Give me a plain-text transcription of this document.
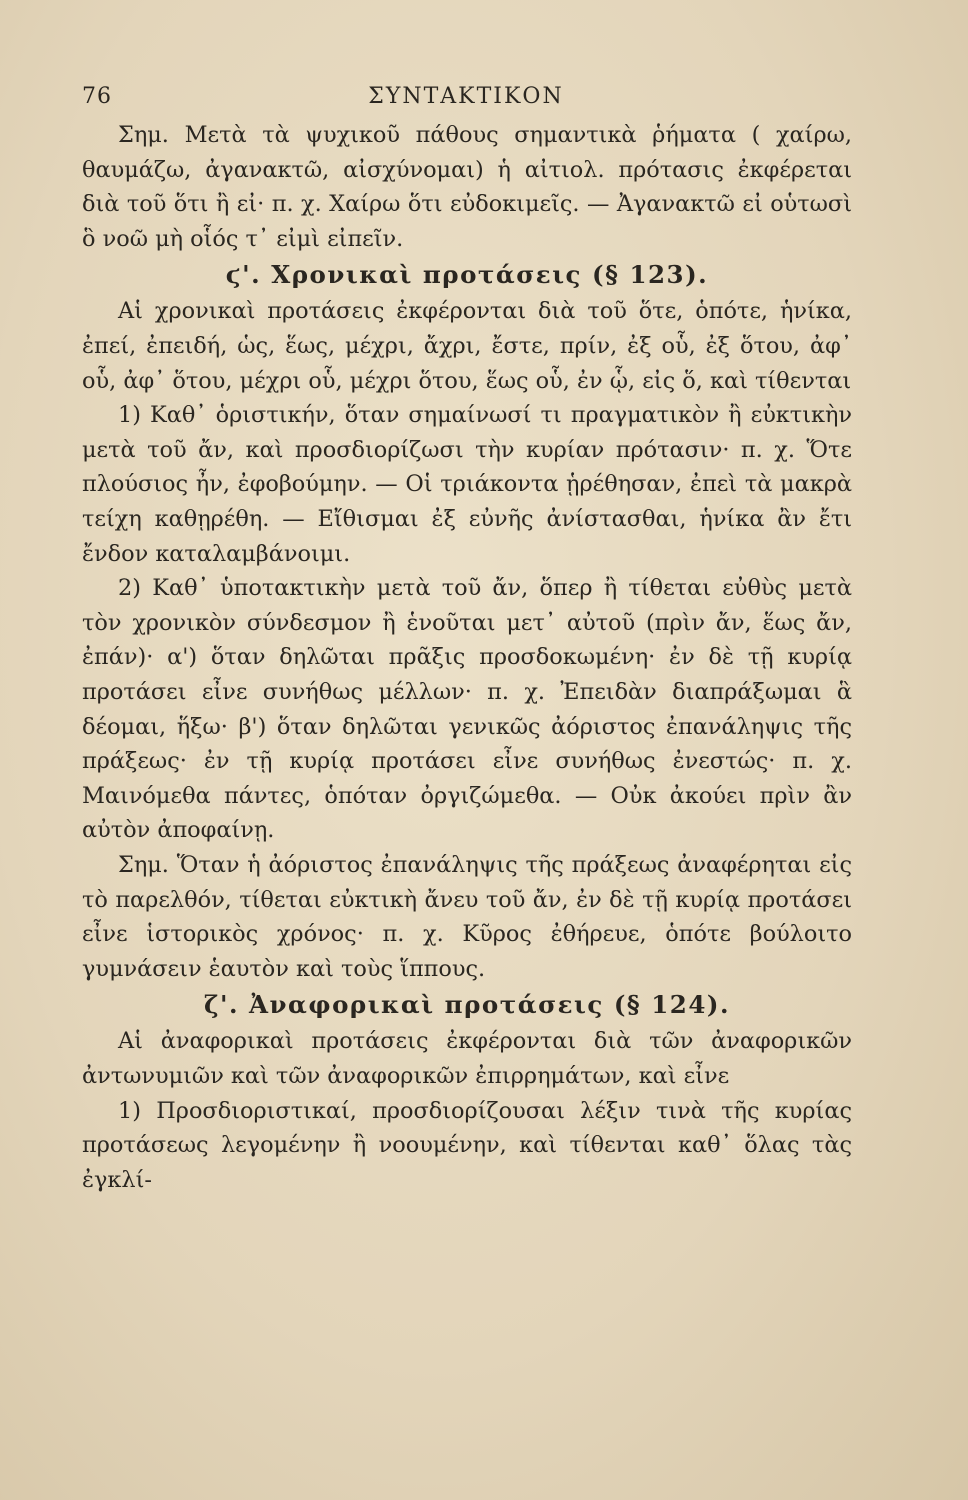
76	ΣΥΝΤΑΚΤΙΚΟΝ

Σημ. Μετὰ τὰ ψυχικοῦ πάθους σημαντικὰ ῥήματα ( χαίρω, θαυμάζω, ἀγανακτῶ, αἰσχύνομαι) ἡ αἰτιολ. πρότασις ἐκφέρεται διὰ τοῦ ὅτι ἢ εἰ· π. χ. Χαίρω ὅτι εὐδοκιμεῖς. — Ἀγανακτῶ εἰ οὑτωσὶ ὃ νοῶ μὴ οἷός τ᾽ εἰμὶ εἰπεῖν.

ϛ'. Χρονικαὶ προτάσεις (§ 123).

Αἱ χρονικαὶ προτάσεις ἐκφέρονται διὰ τοῦ ὅτε, ὁπότε, ἡνίκα, ἐπεί, ἐπειδή, ὡς, ἕως, μέχρι, ἄχρι, ἔστε, πρίν, ἐξ οὗ, ἐξ ὅτου, ἀφ᾽ οὗ, ἀφ᾽ ὅτου, μέχρι οὗ, μέχρι ὅτου, ἕως οὗ, ἐν ᾧ, εἰς ὅ, καὶ τίθενται

1) Καθ᾽ ὁριστικήν, ὅταν σημαίνωσί τι πραγματικὸν ἢ εὐκτικὴν μετὰ τοῦ ἄν, καὶ προσδιορίζωσι τὴν κυρίαν πρότασιν· π. χ. Ὅτε πλούσιος ἦν, ἐφοβούμην. — Οἱ τριάκοντα ᾑρέθησαν, ἐπεὶ τὰ μακρὰ τείχη καθῃρέθη. — Εἴθισμαι ἐξ εὐνῆς ἀνίστασθαι, ἡνίκα ἂν ἔτι ἔνδον καταλαμβάνοιμι.

2) Καθ᾽ ὑποτακτικὴν μετὰ τοῦ ἄν, ὅπερ ἢ τίθεται εὐθὺς μετὰ τὸν χρονικὸν σύνδεσμον ἢ ἑνοῦται μετ᾽ αὐτοῦ (πρὶν ἄν, ἕως ἄν, ἐπάν)· α') ὅταν δηλῶται πρᾶξις προσδοκωμένη· ἐν δὲ τῇ κυρίᾳ προτάσει εἶνε συνήθως μέλλων· π. χ. Ἐπειδὰν διαπράξωμαι ἃ δέομαι, ἥξω· β') ὅταν δηλῶται γενικῶς ἀόριστος ἐπανάληψις τῆς πράξεως· ἐν τῇ κυρίᾳ προτάσει εἶνε συνήθως ἐνεστώς· π. χ. Μαινόμεθα πάντες, ὁπόταν ὀργιζώμεθα. — Οὐκ ἀκούει πρὶν ἂν αὐτὸν ἀποφαίνῃ.

Σημ. Ὅταν ἡ ἀόριστος ἐπανάληψις τῆς πράξεως ἀναφέρηται εἰς τὸ παρελθόν, τίθεται εὐκτικὴ ἄνευ τοῦ ἄν, ἐν δὲ τῇ κυρίᾳ προτάσει εἶνε ἱστορικὸς χρόνος· π. χ. Κῦρος ἐθήρευε, ὁπότε βούλοιτο γυμνάσειν ἑαυτὸν καὶ τοὺς ἵππους.

ζ'. Ἀναφορικαὶ προτάσεις (§ 124).

Αἱ ἀναφορικαὶ προτάσεις ἐκφέρονται διὰ τῶν ἀναφορικῶν ἀντωνυμιῶν καὶ τῶν ἀναφορικῶν ἐπιρρημάτων, καὶ εἶνε

1) Προσδιοριστικαί, προσδιορίζουσαι λέξιν τινὰ τῆς κυρίας προτάσεως λεγομένην ἢ νοουμένην, καὶ τίθενται καθ᾽ ὅλας τὰς ἐγκλί-
